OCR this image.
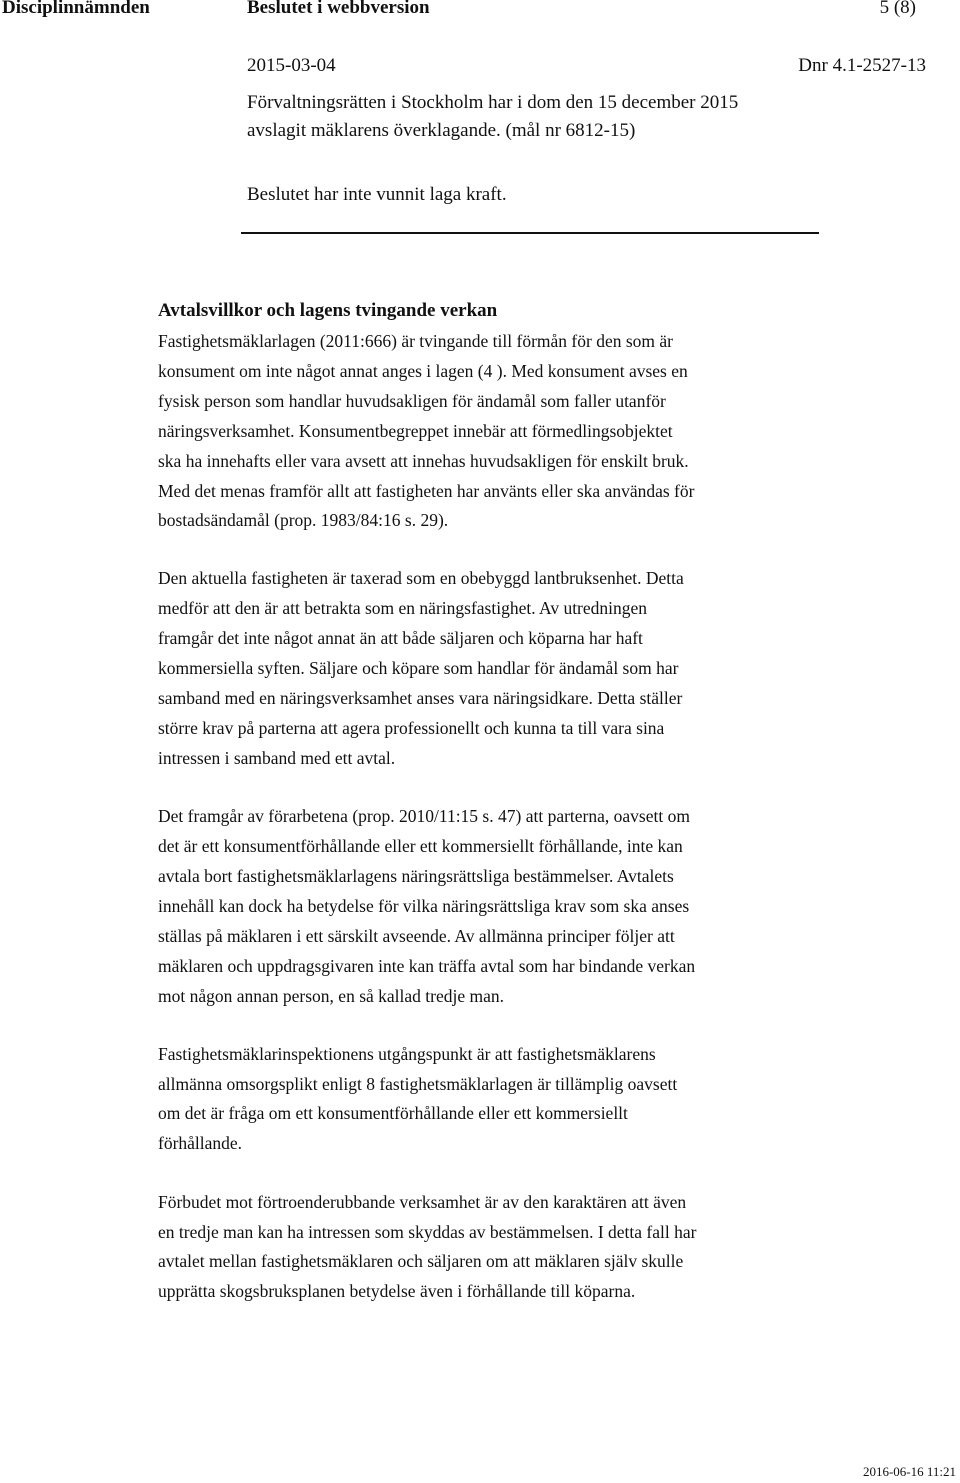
Disciplinnämnden	Beslutet i webbversion	5 (8)
2015-03-04	Dnr 4.1-2527-13
Förvaltningsrätten i Stockholm har i dom den 15 december 2015
avslagit mäklarens överklagande. (mål nr 6812-15)
Beslutet har inte vunnit laga kraft.
Avtalsvillkor och lagens tvingande verkan
Fastighetsmäklarlagen (2011:666) är tvingande till förmån för den som är
konsument om inte något annat anges i lagen (4 ). Med konsument avses en
fysisk person som handlar huvudsakligen för ändamål som faller utanför
näringsverksamhet. Konsumentbegreppet innebär att förmedlingsobjektet
ska ha innehafts eller vara avsett att innehas huvudsakligen för enskilt bruk.
Med det menas framför allt att fastigheten har använts eller ska användas för
bostadsändamål (prop. 1983/84:16 s. 29).
Den aktuella fastigheten är taxerad som en obebyggd lantbruksenhet. Detta
medför att den är att betrakta som en näringsfastighet. Av utredningen
framgår det inte något annat än att både säljaren och köparna har haft
kommersiella syften. Säljare och köpare som handlar för ändamål som har
samband med en näringsverksamhet anses vara näringsidkare. Detta ställer
större krav på parterna att agera professionellt och kunna ta till vara sina
intressen i samband med ett avtal.
Det framgår av förarbetena (prop. 2010/11:15 s. 47) att parterna, oavsett om
det är ett konsumentförhållande eller ett kommersiellt förhållande, inte kan
avtala bort fastighetsmäklarlagens näringsrättsliga bestämmelser. Avtalets
innehåll kan dock ha betydelse för vilka näringsrättsliga krav som ska anses
ställas på mäklaren i ett särskilt avseende. Av allmänna principer följer att
mäklaren och uppdragsgivaren inte kan träffa avtal som har bindande verkan
mot någon annan person, en så kallad tredje man.
Fastighetsmäklarinspektionens utgångspunkt är att fastighetsmäklarens
allmänna omsorgsplikt enligt 8 fastighetsmäklarlagen är tillämplig oavsett
om det är fråga om ett konsumentförhållande eller ett kommersiellt
förhållande.
Förbudet mot förtroenderubbande verksamhet är av den karaktären att även
en tredje man kan ha intressen som skyddas av bestämmelsen. I detta fall har
avtalet mellan fastighetsmäklaren och säljaren om att mäklaren själv skulle
upprätta skogsbruksplanen betydelse även i förhållande till köparna.
2016-06-16 11:21
